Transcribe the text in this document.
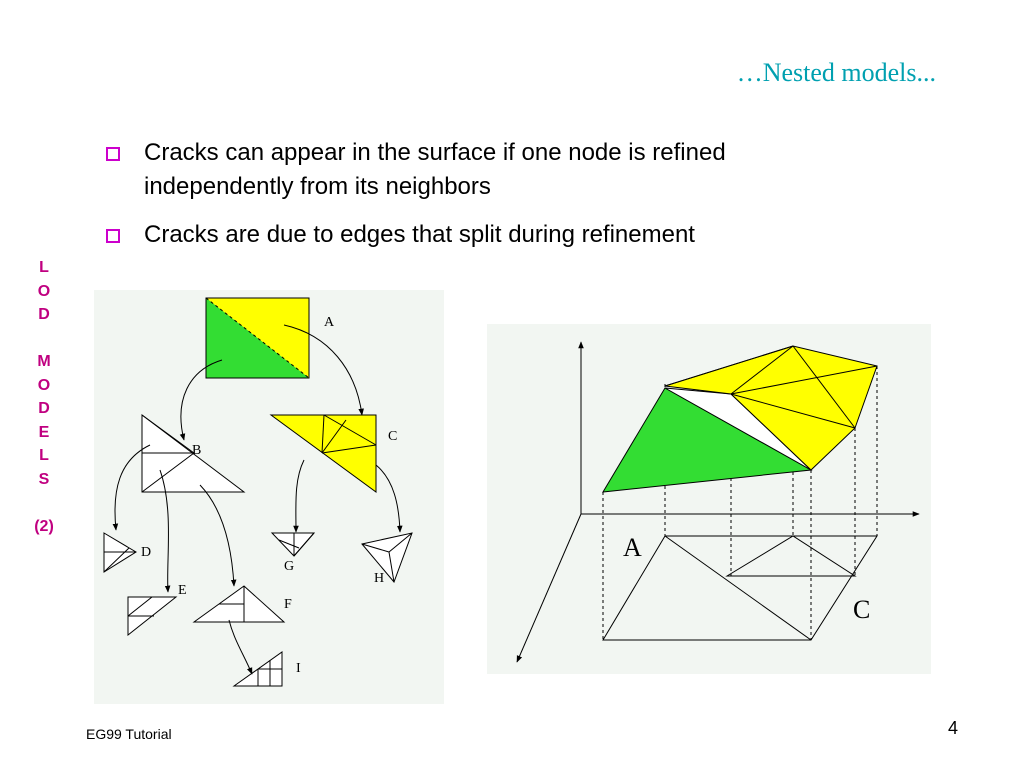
…Nested models...
Cracks can appear in the surface if one node is refined independently from its neighbors
Cracks are due to edges that split during refinement
L
O
D

M
O
D
E
L
S

(2)
A
B
C
D
E
F
G
H
I
A
C
EG99 Tutorial	4
